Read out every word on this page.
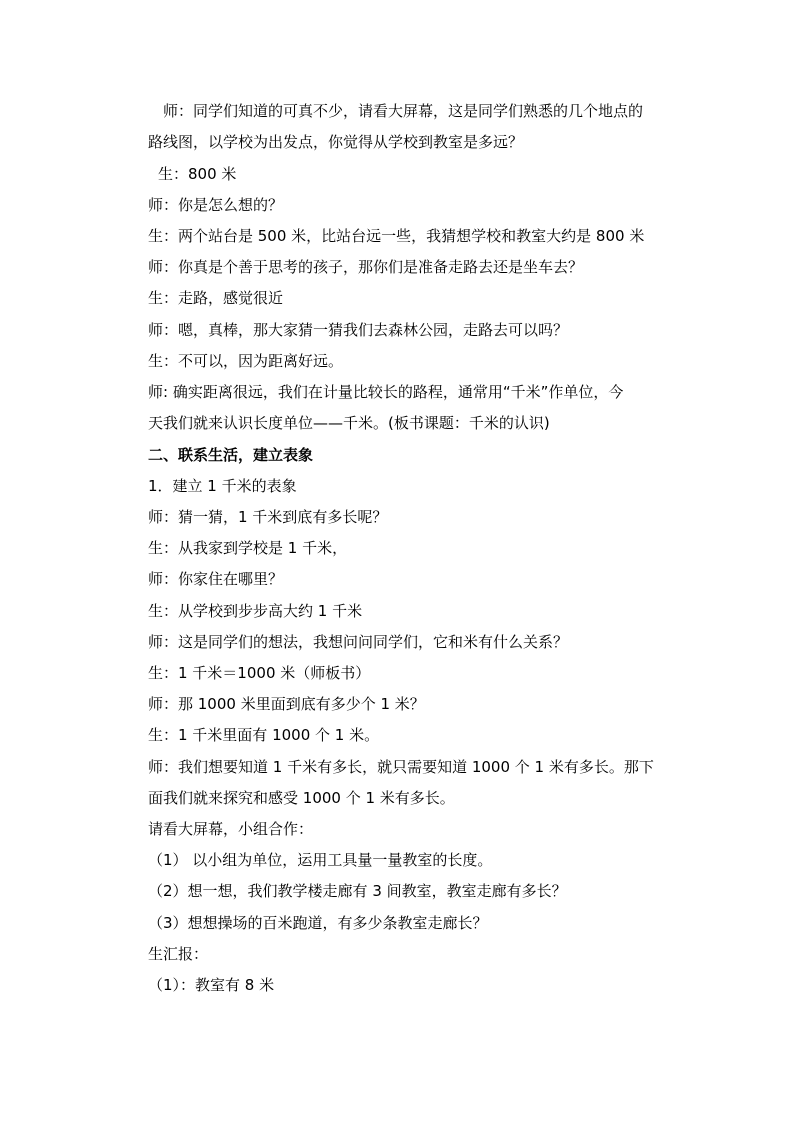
师：同学们知道的可真不少，请看大屏幕，这是同学们熟悉的几个地点的
路线图，以学校为出发点，你觉得从学校到教室是多远？
生：800 米
师：你是怎么想的？
生：两个站台是 500 米，比站台远一些，我猜想学校和教室大约是 800 米
师：你真是个善于思考的孩子，那你们是准备走路去还是坐车去？
生：走路，感觉很近
师：嗯，真棒，那大家猜一猜我们去森林公园，走路去可以吗？
生：不可以，因为距离好远。
师: 确实距离很远，我们在计量比较长的路程，通常用“千米”作单位，今
天我们就来认识长度单位——千米。(板书课题：千米的认识)
二、联系生活，建立表象
1．建立 1 千米的表象
师：猜一猜，1 千米到底有多长呢？
生：从我家到学校是 1 千米，
师：你家住在哪里？
生：从学校到步步高大约 1 千米
师：这是同学们的想法，我想问问同学们，它和米有什么关系？
生：1 千米＝1000 米（师板书）
师：那 1000 米里面到底有多少个 1 米？
生：1 千米里面有 1000 个 1 米。
师：我们想要知道 1 千米有多长，就只需要知道 1000 个 1 米有多长。那下
面我们就来探究和感受 1000 个 1 米有多长。
请看大屏幕，小组合作：
（1） 以小组为单位，运用工具量一量教室的长度。
（2）想一想，我们教学楼走廊有 3 间教室，教室走廊有多长？
（3）想想操场的百米跑道，有多少条教室走廊长？
生汇报：
（1）：教室有 8 米
